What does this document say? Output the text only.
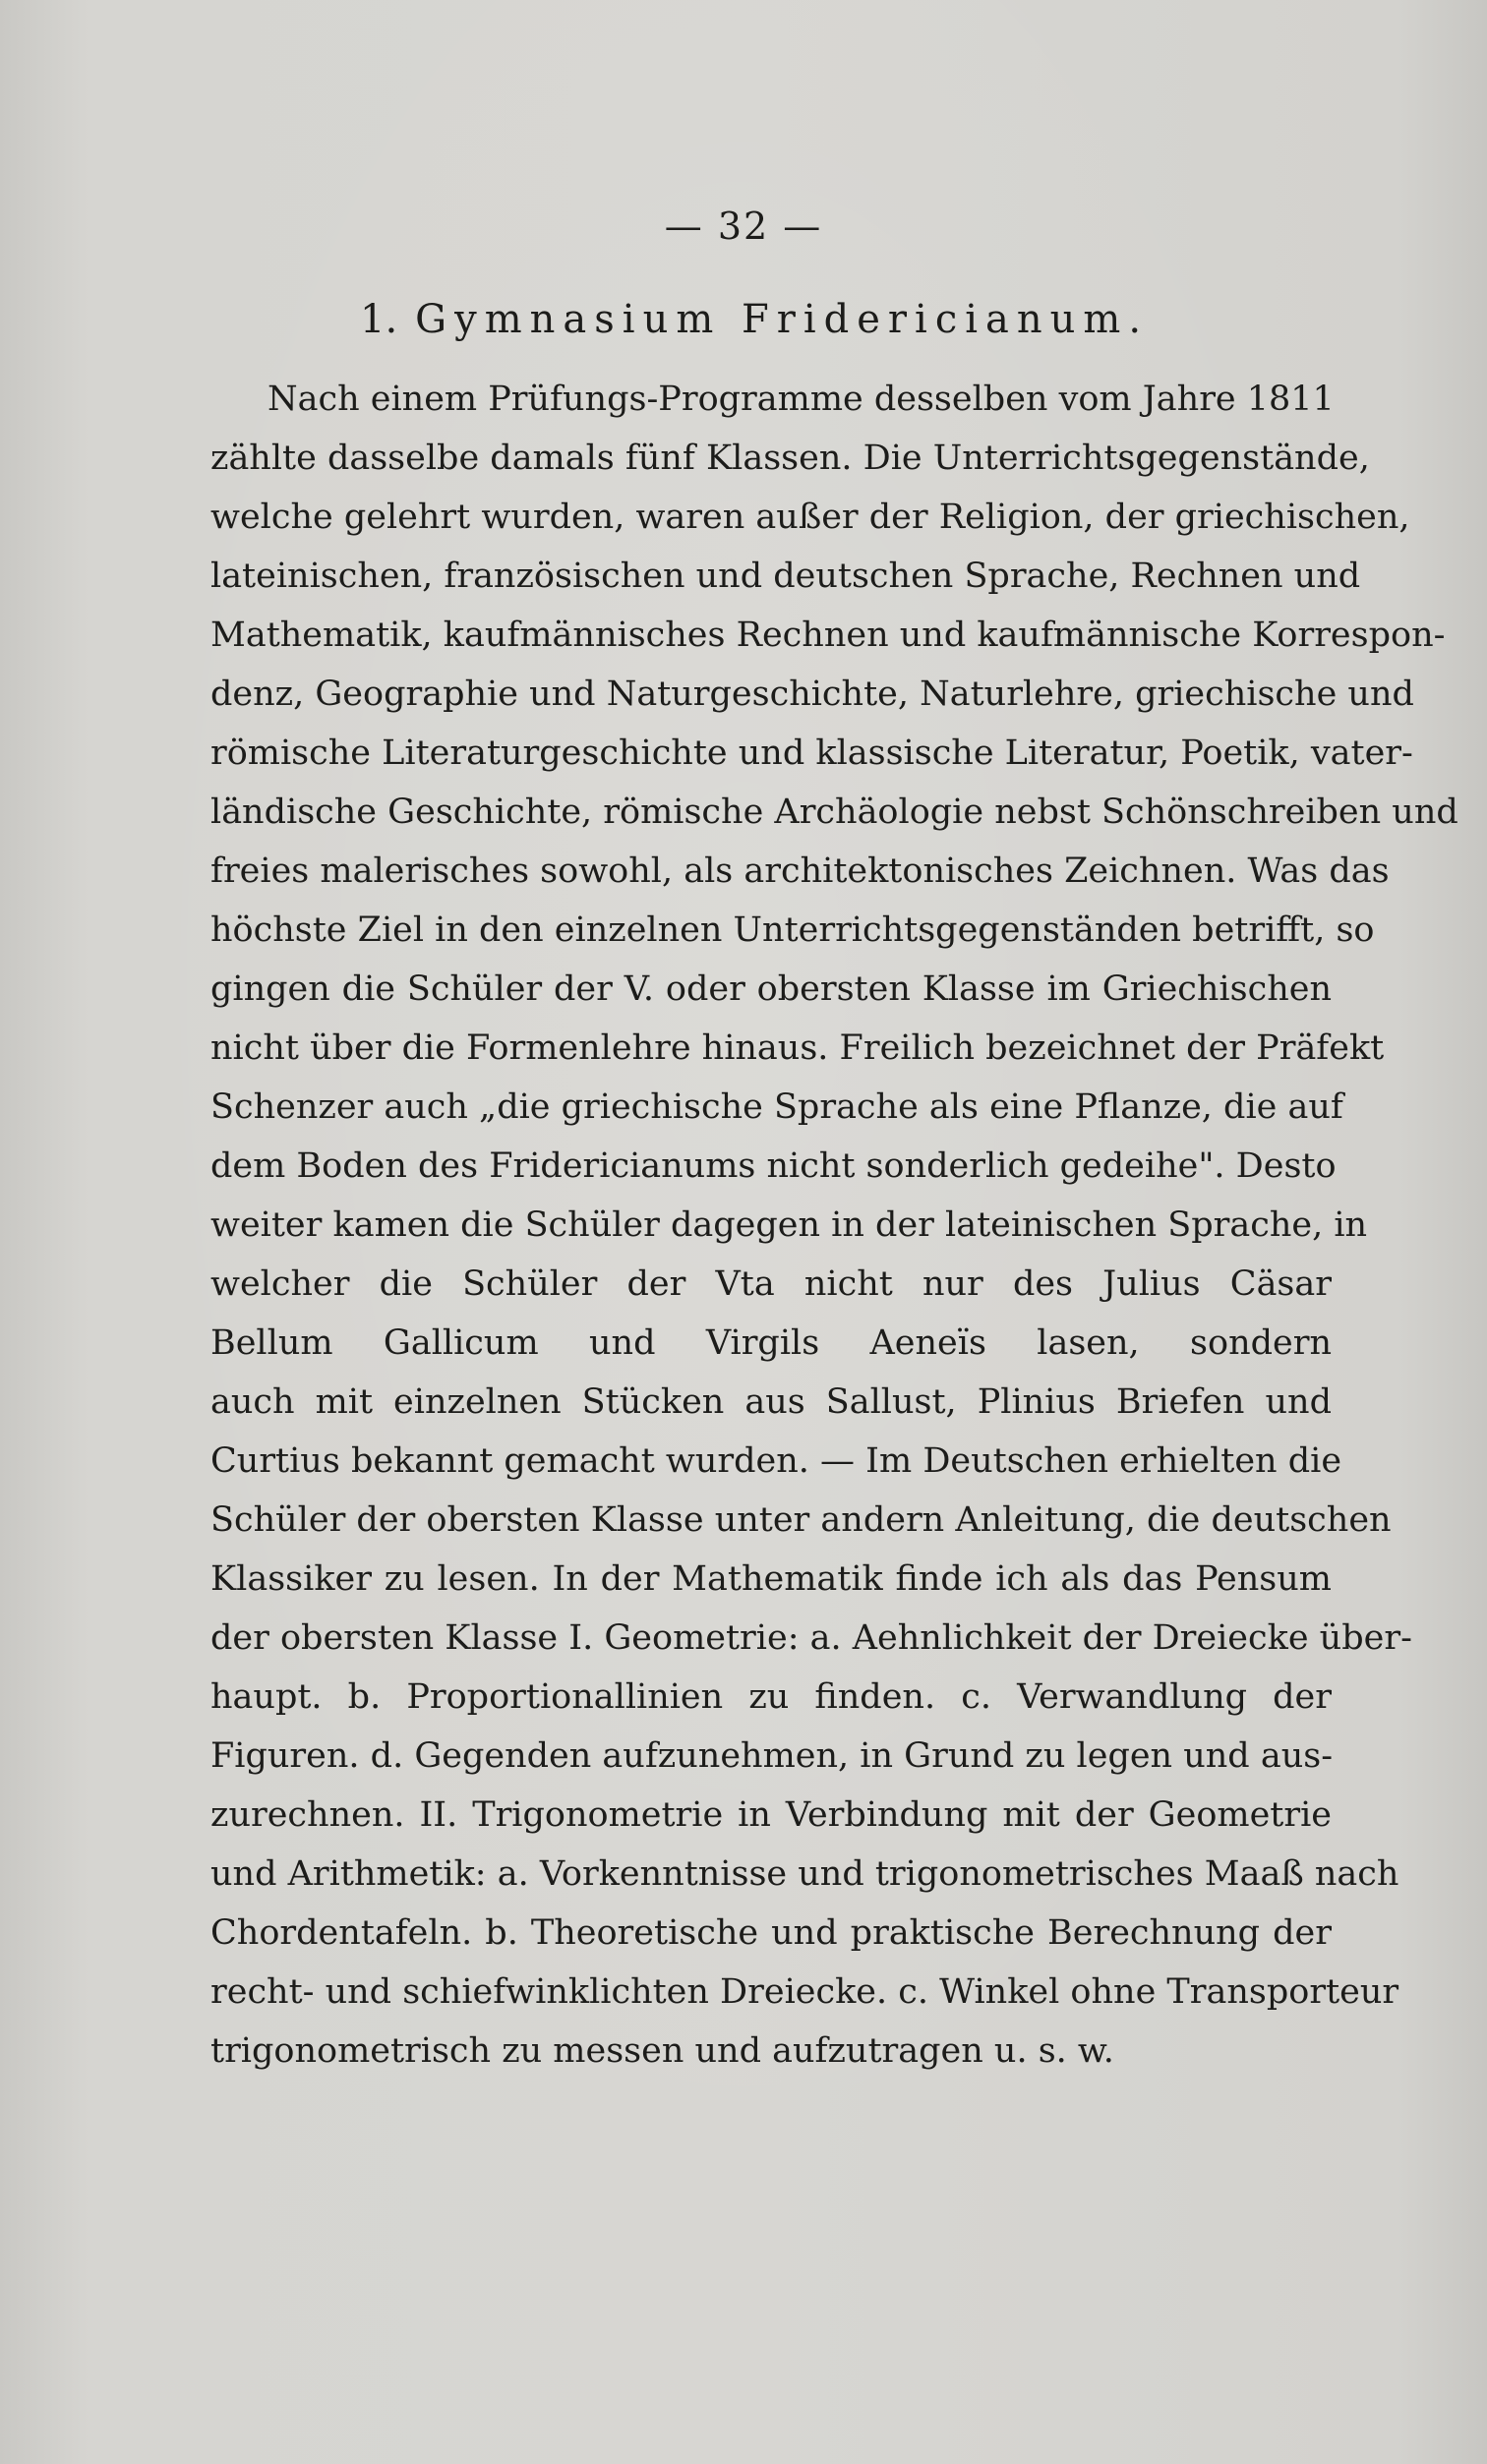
— 32 —
1. Gymnasium Fridericianum.
Nach einem Prüfungs-Programme desselben vom Jahre 1811
zählte dasselbe damals fünf Klassen. Die Unterrichtsgegenstände,
welche gelehrt wurden, waren außer der Religion, der griechischen,
lateinischen, französischen und deutschen Sprache, Rechnen und
Mathematik, kaufmännisches Rechnen und kaufmännische Korrespon-
denz, Geographie und Naturgeschichte, Naturlehre, griechische und
römische Literaturgeschichte und klassische Literatur, Poetik, vater-
ländische Geschichte, römische Archäologie nebst Schönschreiben und
freies malerisches sowohl, als architektonisches Zeichnen. Was das
höchste Ziel in den einzelnen Unterrichtsgegenständen betrifft, so
gingen die Schüler der V. oder obersten Klasse im Griechischen
nicht über die Formenlehre hinaus. Freilich bezeichnet der Präfekt
Schenzer auch „die griechische Sprache als eine Pflanze, die auf
dem Boden des Fridericianums nicht sonderlich gedeihe". Desto
weiter kamen die Schüler dagegen in der lateinischen Sprache, in
welcher die Schüler der Vta nicht nur des Julius Cäsar
Bellum Gallicum und Virgils Aeneïs lasen, sondern
auch mit einzelnen Stücken aus Sallust, Plinius Briefen und
Curtius bekannt gemacht wurden. — Im Deutschen erhielten die
Schüler der obersten Klasse unter andern Anleitung, die deutschen
Klassiker zu lesen. In der Mathematik finde ich als das Pensum
der obersten Klasse I. Geometrie: a. Aehnlichkeit der Dreiecke über-
haupt. b. Proportionallinien zu finden. c. Verwandlung der
Figuren. d. Gegenden aufzunehmen, in Grund zu legen und aus-
zurechnen. II. Trigonometrie in Verbindung mit der Geometrie
und Arithmetik: a. Vorkenntnisse und trigonometrisches Maaß nach
Chordentafeln. b. Theoretische und praktische Berechnung der
recht- und schiefwinklichten Dreiecke. c. Winkel ohne Transporteur
trigonometrisch zu messen und aufzutragen u. s. w.
